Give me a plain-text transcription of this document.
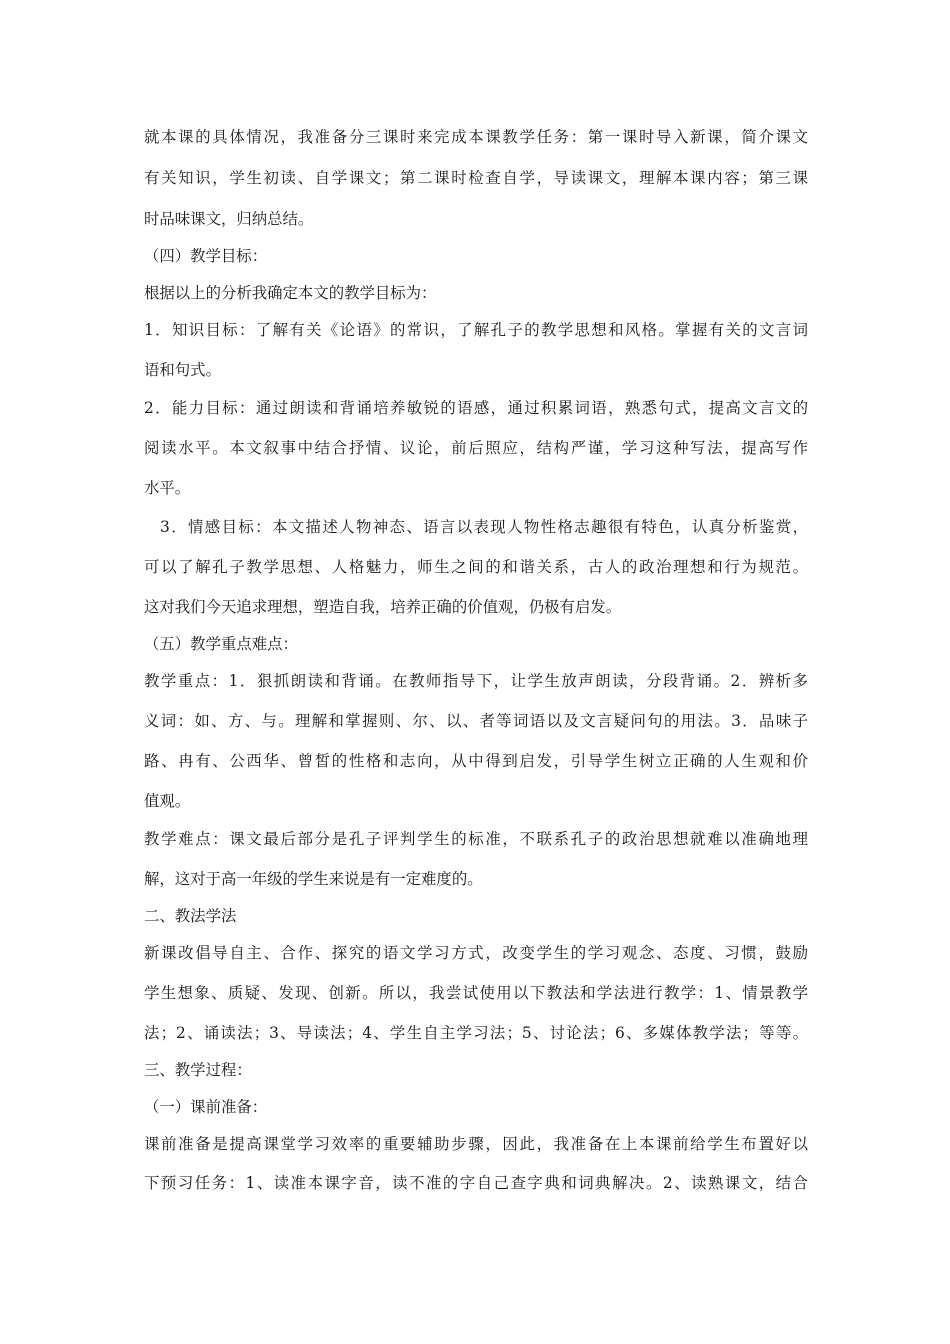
就本课的具体情况，我准备分三课时来完成本课教学任务：第一课时导入新课，简介课文
有关知识，学生初读、自学课文；第二课时检查自学，导读课文，理解本课内容；第三课
时品味课文，归纳总结。
（四）教学目标：
根据以上的分析我确定本文的教学目标为：
1．知识目标：了解有关《论语》的常识，了解孔子的教学思想和风格。掌握有关的文言词
语和句式。
2．能力目标：通过朗读和背诵培养敏锐的语感，通过积累词语，熟悉句式，提高文言文的
阅读水平。本文叙事中结合抒情、议论，前后照应，结构严谨，学习这种写法，提高写作
水平。
3．情感目标：本文描述人物神态、语言以表现人物性格志趣很有特色，认真分析鉴赏，
可以了解孔子教学思想、人格魅力，师生之间的和谐关系，古人的政治理想和行为规范。
这对我们今天追求理想，塑造自我，培养正确的价值观，仍极有启发。
（五）教学重点难点：
教学重点：1．狠抓朗读和背诵。在教师指导下，让学生放声朗读，分段背诵。2．辨析多
义词：如、方、与。理解和掌握则、尔、以、者等词语以及文言疑问句的用法。3．品味子
路、冉有、公西华、曾皙的性格和志向，从中得到启发，引导学生树立正确的人生观和价
值观。
教学难点：课文最后部分是孔子评判学生的标准，不联系孔子的政治思想就难以准确地理
解，这对于高一年级的学生来说是有一定难度的。
二、教法学法
新课改倡导自主、合作、探究的语文学习方式，改变学生的学习观念、态度、习惯，鼓励
学生想象、质疑、发现、创新。所以，我尝试使用以下教法和学法进行教学：1、情景教学
法；2、诵读法；3、导读法；4、学生自主学习法；5、讨论法；6、多媒体教学法；等等。
三、教学过程：
（一）课前准备：
课前准备是提高课堂学习效率的重要辅助步骤，因此，我准备在上本课前给学生布置好以
下预习任务：1、读准本课字音，读不准的字自己查字典和词典解决。2、读熟课文，结合
